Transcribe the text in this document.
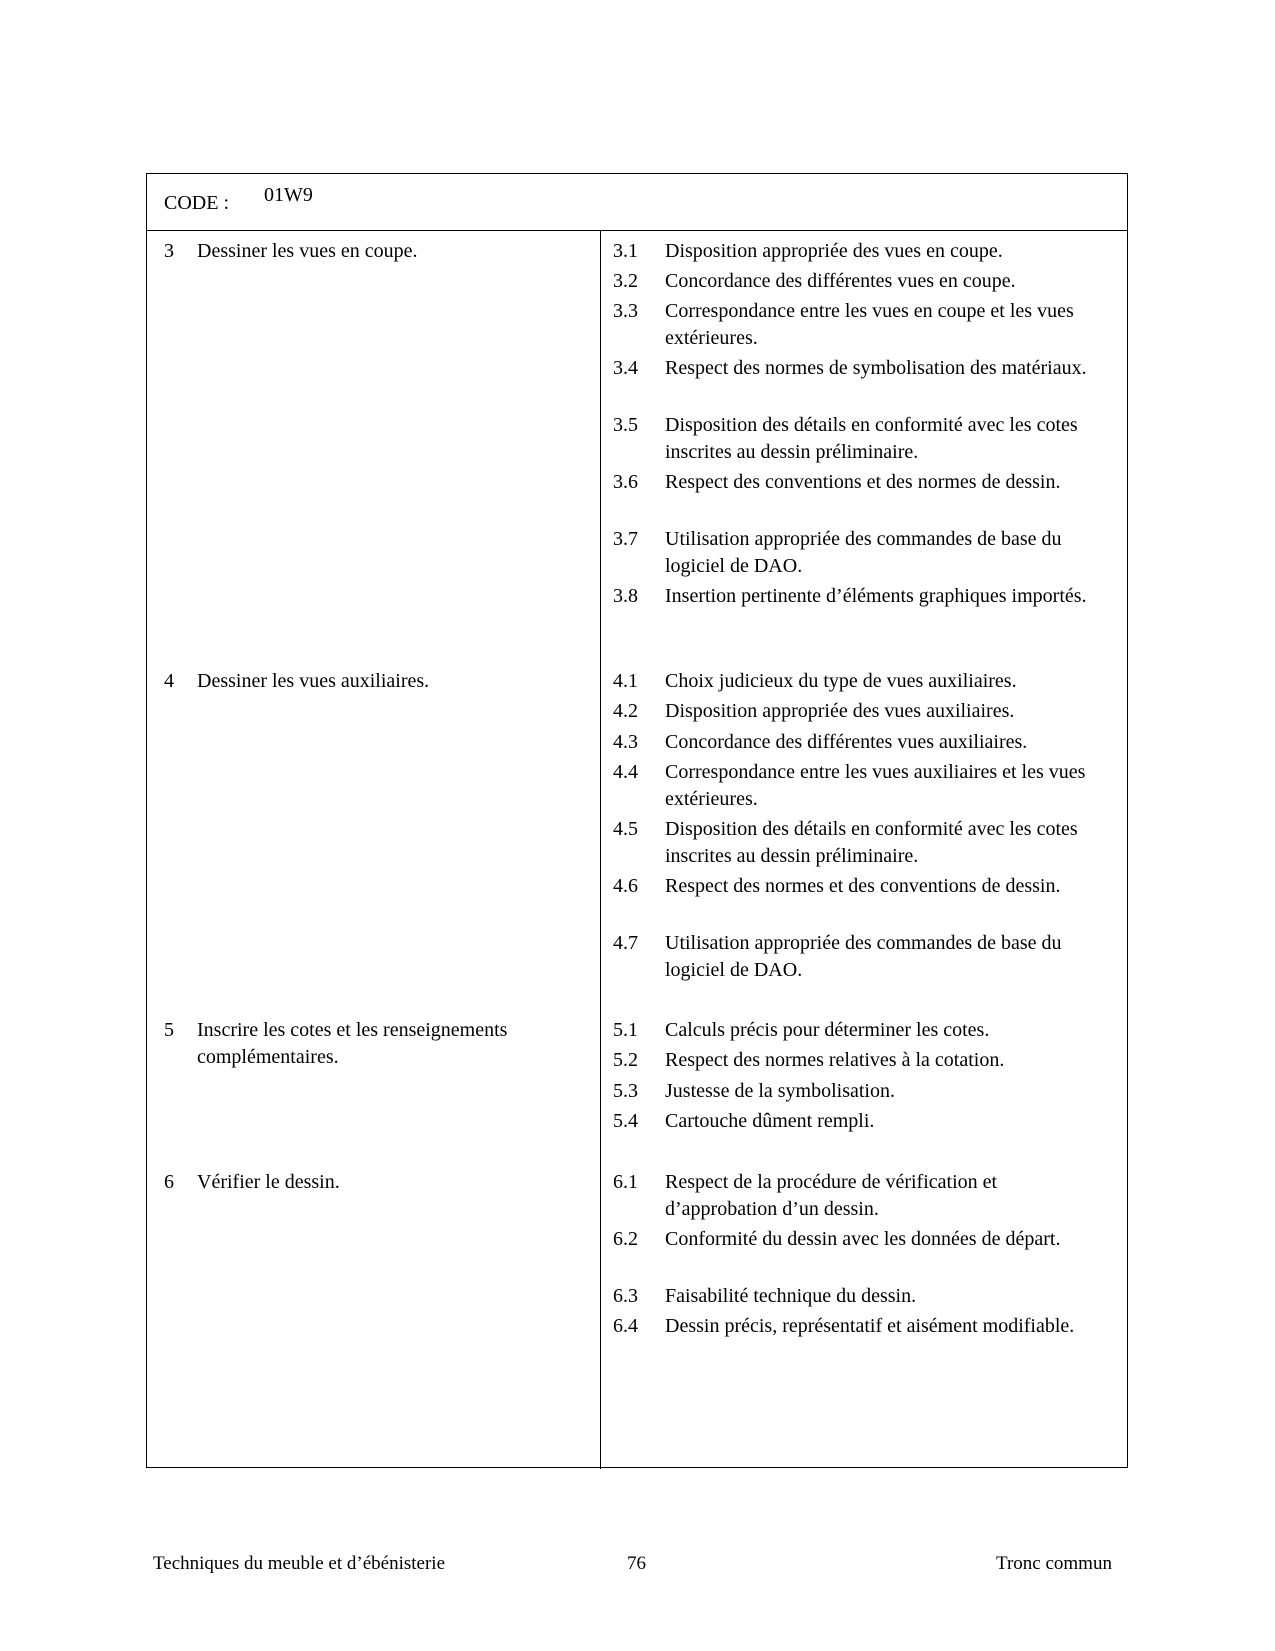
CODE : 01W9
3 Dessiner les vues en coupe.	3.1 Disposition appropriée des vues en coupe.
3.2 Concordance des différentes vues en coupe.
3.3 Correspondance entre les vues en coupe et les vues extérieures.
3.4 Respect des normes de symbolisation des matériaux.
3.5 Disposition des détails en conformité avec les cotes inscrites au dessin préliminaire.
3.6 Respect des conventions et des normes de dessin.
3.7 Utilisation appropriée des commandes de base du logiciel de DAO.
3.8 Insertion pertinente d’éléments graphiques importés.
4 Dessiner les vues auxiliaires.	4.1 Choix judicieux du type de vues auxiliaires.
4.2 Disposition appropriée des vues auxiliaires.
4.3 Concordance des différentes vues auxiliaires.
4.4 Correspondance entre les vues auxiliaires et les vues extérieures.
4.5 Disposition des détails en conformité avec les cotes inscrites au dessin préliminaire.
4.6 Respect des normes et des conventions de dessin.
4.7 Utilisation appropriée des commandes de base du logiciel de DAO.
5 Inscrire les cotes et les renseignements complémentaires.
5.1 Calculs précis pour déterminer les cotes.
5.2 Respect des normes relatives à la cotation.
5.3 Justesse de la symbolisation.
5.4 Cartouche dûment rempli.
6 Vérifier le dessin.	6.1 Respect de la procédure de vérification et d’approbation d’un dessin.
6.2 Conformité du dessin avec les données de départ.
6.3 Faisabilité technique du dessin.
6.4 Dessin précis, représentatif et aisément modifiable.
Techniques du meuble et d’ébénisterie	76	Tronc commun
